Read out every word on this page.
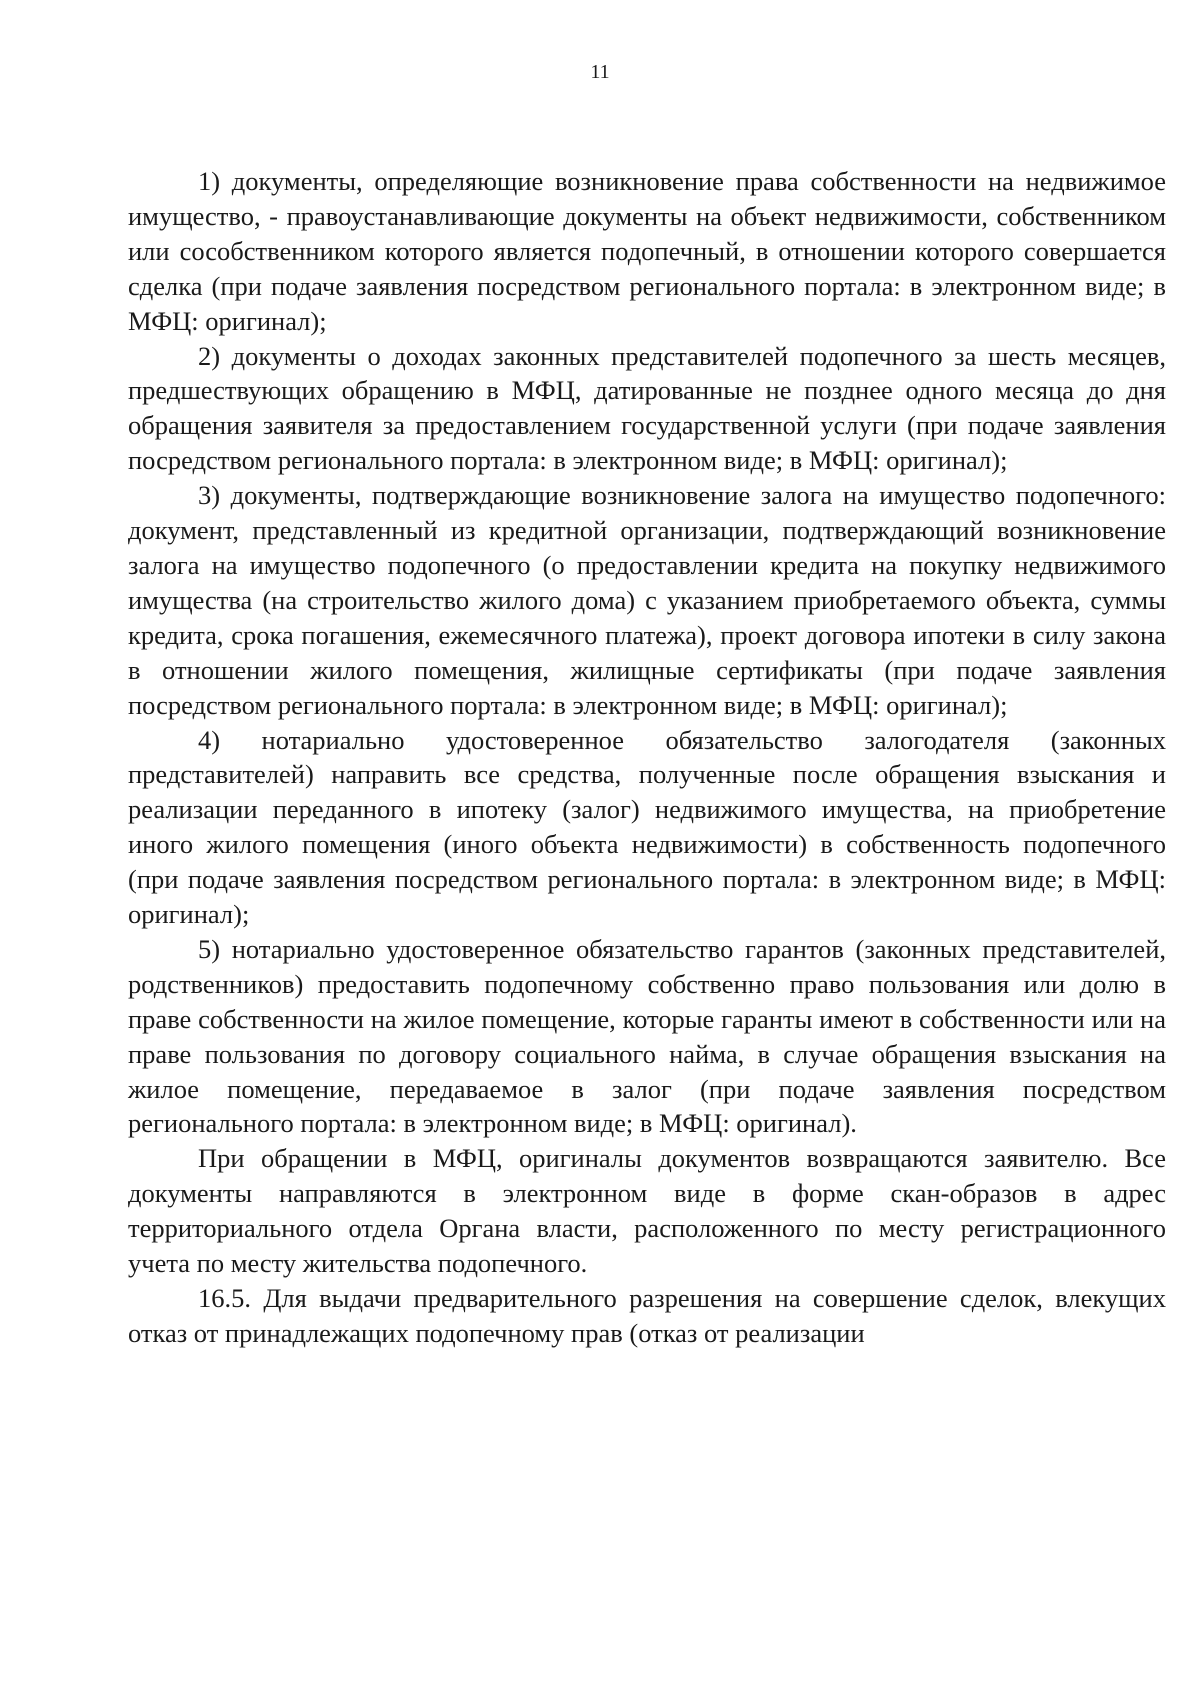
11

1) документы, определяющие возникновение права собственности на недвижимое имущество, - правоустанавливающие документы на объект недвижимости, собственником или сособственником которого является подопечный, в отношении которого совершается сделка (при подаче заявления посредством регионального портала: в электронном виде; в МФЦ: оригинал);

2) документы о доходах законных представителей подопечного за шесть месяцев, предшествующих обращению в МФЦ, датированные не позднее одного месяца до дня обращения заявителя за предоставлением государственной услуги (при подаче заявления посредством регионального портала: в электронном виде; в МФЦ: оригинал);

3) документы, подтверждающие возникновение залога на имущество подопечного: документ, представленный из кредитной организации, подтверждающий возникновение залога на имущество подопечного (о предоставлении кредита на покупку недвижимого имущества (на строительство жилого дома) с указанием приобретаемого объекта, суммы кредита, срока погашения, ежемесячного платежа), проект договора ипотеки в силу закона в отношении жилого помещения, жилищные сертификаты (при подаче заявления посредством регионального портала: в электронном виде; в МФЦ: оригинал);

4) нотариально удостоверенное обязательство залогодателя (законных представителей) направить все средства, полученные после обращения взыскания и реализации переданного в ипотеку (залог) недвижимого имущества, на приобретение иного жилого помещения (иного объекта недвижимости) в собственность подопечного (при подаче заявления посредством регионального портала: в электронном виде; в МФЦ: оригинал);

5) нотариально удостоверенное обязательство гарантов (законных представителей, родственников) предоставить подопечному собственно право пользования или долю в праве собственности на жилое помещение, которые гаранты имеют в собственности или на праве пользования по договору социального найма, в случае обращения взыскания на жилое помещение, передаваемое в залог (при подаче заявления посредством регионального портала: в электронном виде; в МФЦ: оригинал).

При обращении в МФЦ, оригиналы документов возвращаются заявителю. Все документы направляются в электронном виде в форме скан-образов в адрес территориального отдела Органа власти, расположенного по месту регистрационного учета по месту жительства подопечного.

16.5. Для выдачи предварительного разрешения на совершение сделок, влекущих отказ от принадлежащих подопечному прав (отказ от реализации
